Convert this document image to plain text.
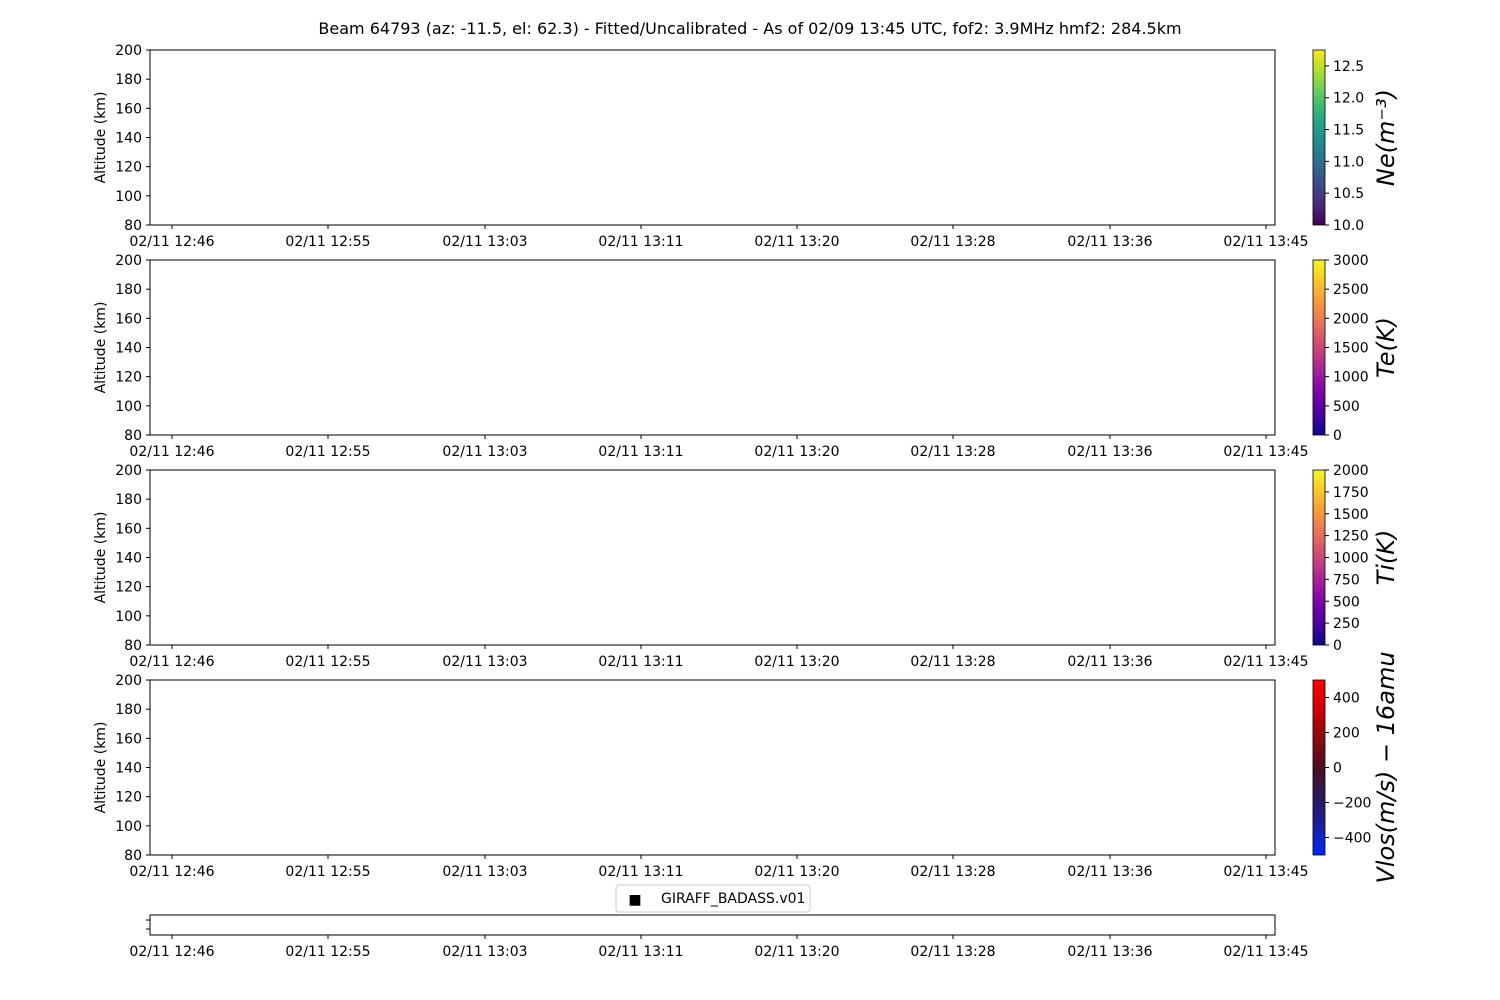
Beam 64793 (az: -11.5, el: 62.3) - Fitted/Uncalibrated - As of 02/09 13:45 UTC, fof2: 3.9MHz hmf2: 284.5km
02/11 12:46	02/11 12:55	02/11 13:03	02/11 13:11	02/11 13:20	02/11 13:28	02/11 13:36	02/11 13:45
80
100
120
140
160
180
200
Altitude (km)
10.0
10.5
11.0
11.5
12.0
12.5
Ne(m⁻³)
02/11 12:46	02/11 12:55	02/11 13:03	02/11 13:11	02/11 13:20	02/11 13:28	02/11 13:36	02/11 13:45
80
100
120
140
160
180
200
Altitude (km)
0
500
1000
1500
2000
2500
3000
Te(K)
02/11 12:46	02/11 12:55	02/11 13:03	02/11 13:11	02/11 13:20	02/11 13:28	02/11 13:36	02/11 13:45
80
100
120
140
160
180
200
Altitude (km)
0
250
500
750
1000
1250
1500
1750
2000
Ti(K)
02/11 12:46	02/11 12:55	02/11 13:03	02/11 13:11	02/11 13:20	02/11 13:28	02/11 13:36	02/11 13:45
80
100
120
140
160
180
200
Altitude (km)
−400
−200
0
200
400 Vlos(m/s) − 16amu
02/11 12:46	02/11 12:55	02/11 13:03	02/11 13:11	02/11 13:20	02/11 13:28	02/11 13:36	02/11 13:45
■ GIRAFF_BADASS.v01
